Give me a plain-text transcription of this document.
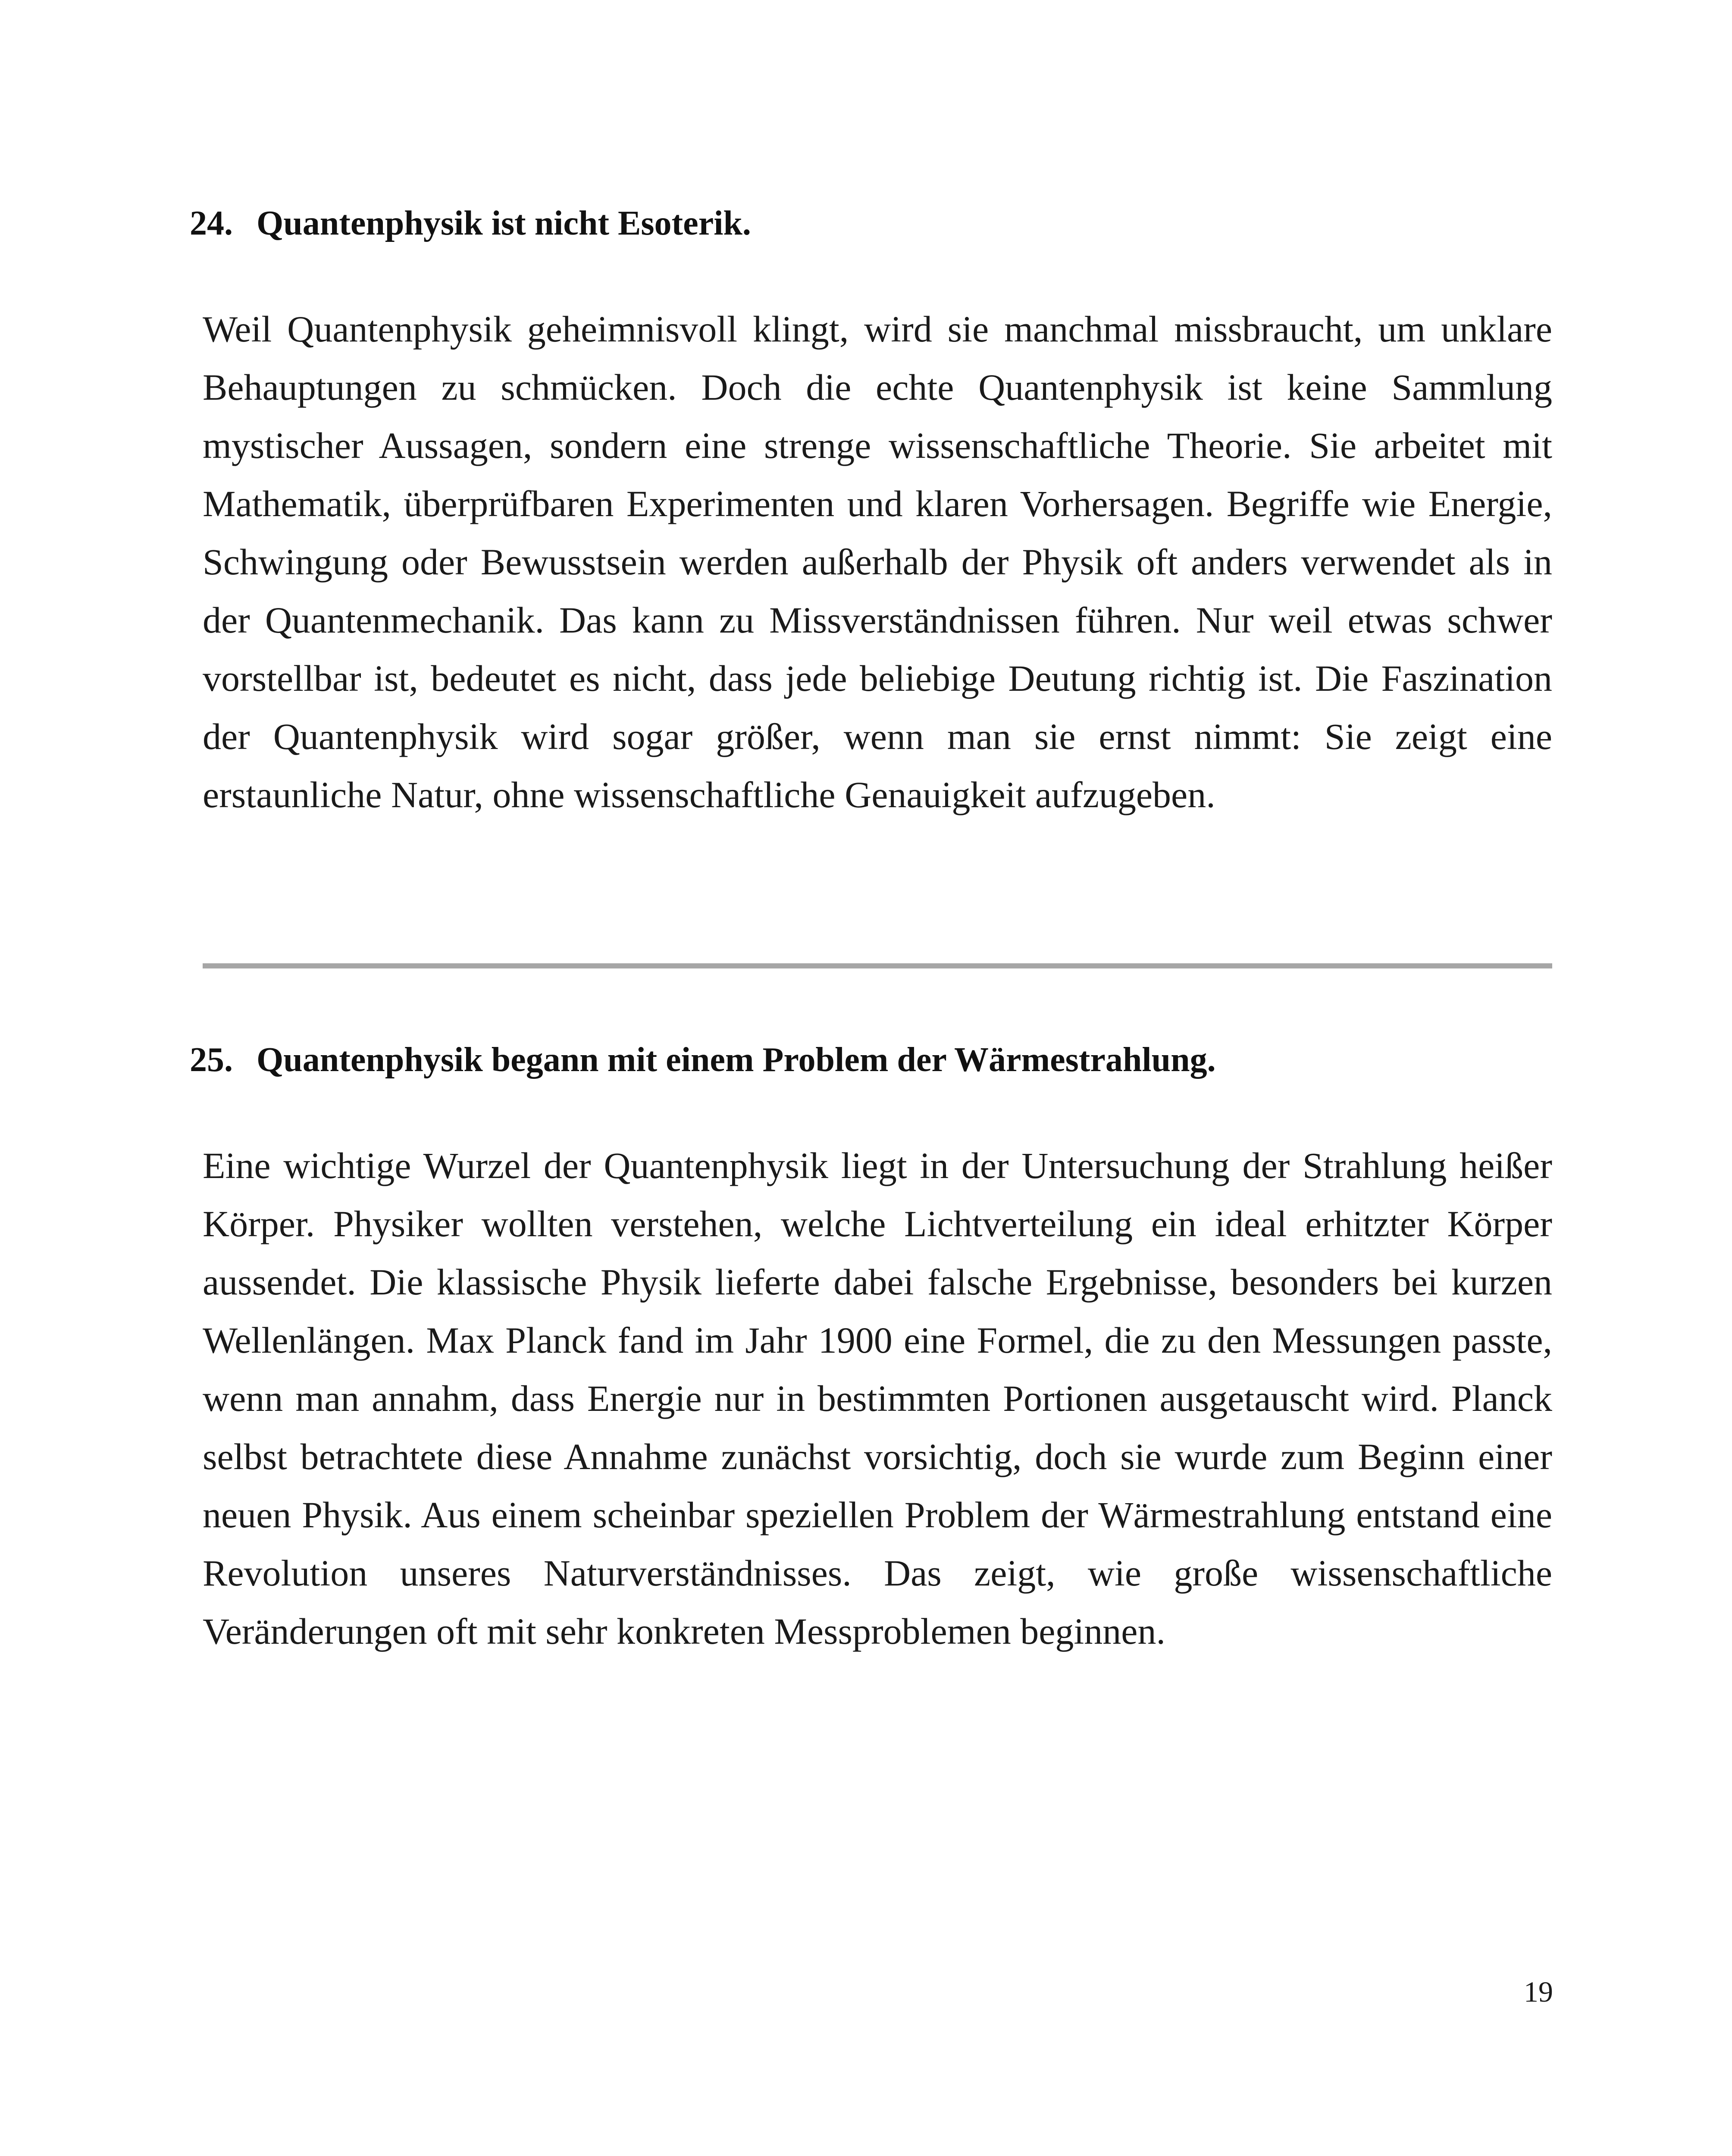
24. Quantenphysik ist nicht Esoterik.

Weil Quantenphysik geheimnisvoll klingt, wird sie manchmal missbraucht, um unklare Behauptungen zu schmücken. Doch die echte Quantenphysik ist keine Sammlung mystischer Aussagen, sondern eine strenge wissenschaftliche Theorie. Sie arbeitet mit Mathematik, überprüfbaren Experimenten und klaren Vorhersagen. Begriffe wie Energie, Schwingung oder Bewusstsein werden außerhalb der Physik oft anders verwendet als in der Quantenmechanik. Das kann zu Missverständnissen führen. Nur weil etwas schwer vorstellbar ist, bedeutet es nicht, dass jede beliebige Deutung richtig ist. Die Faszination der Quantenphysik wird sogar größer, wenn man sie ernst nimmt: Sie zeigt eine erstaunliche Natur, ohne wissenschaftliche Genauigkeit aufzugeben.

25. Quantenphysik begann mit einem Problem der Wärmestrahlung.

Eine wichtige Wurzel der Quantenphysik liegt in der Untersuchung der Strahlung heißer Körper. Physiker wollten verstehen, welche Lichtverteilung ein ideal erhitzter Körper aussendet. Die klassische Physik lieferte dabei falsche Ergebnisse, besonders bei kurzen Wellenlängen. Max Planck fand im Jahr 1900 eine Formel, die zu den Messungen passte, wenn man annahm, dass Energie nur in bestimmten Portionen ausgetauscht wird. Planck selbst betrachtete diese Annahme zunächst vorsichtig, doch sie wurde zum Beginn einer neuen Physik. Aus einem scheinbar speziellen Problem der Wärmestrahlung entstand eine Revolution unseres Naturverständnisses. Das zeigt, wie große wissenschaftliche Veränderungen oft mit sehr konkreten Messproblemen beginnen.

19
